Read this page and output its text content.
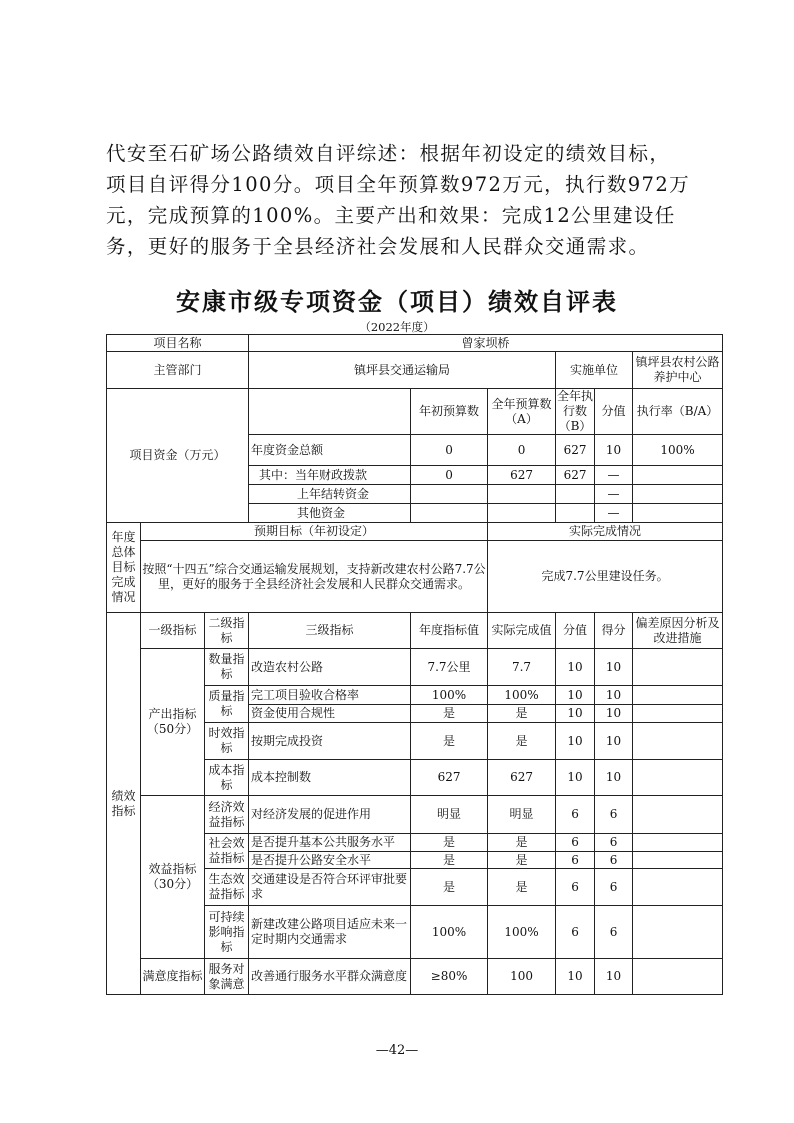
代安至石矿场公路绩效自评综述：根据年初设定的绩效目标，

项目自评得分100分。项目全年预算数972万元，执行数972万

元，完成预算的100%。主要产出和效果：完成12公里建设任

务，更好的服务于全县经济社会发展和人民群众交通需求。

安康市级专项资金（项目）绩效自评表
（2022年度）
项目名称			曾家坝桥						
主管部门			镇坪县交通运输局			实施单位		镇坪县农村公路养护中心	
项目资金（万元）				年初预算数	全年预算数（A）	全年执行数（B）	分值	执行率（B/A）	
			年度资金总额	0	0	627	10	100%	
			其中：当年财政拨款	0	627	627	—		
			上年结转资金				—		
			其他资金				—		
年度总体目标完成情况	预期目标（年初设定）				实际完成情况				
	按照“十四五”综合交通运输发展规划，支持新改建农村公路7.7公里，更好的服务于全县经济社会发展和人民群众交通需求。				完成7.7公里建设任务。				
绩效指标	一级指标	二级指标	三级指标	年度指标值	实际完成值	分值	得分	偏差原因分析及改进措施	
	产出指标（50分）	数量指标	改造农村公路	7.7公里	7.7	10	10		
		质量指标	完工项目验收合格率	100%	100%	10	10		
			资金使用合规性	是	是	10	10		
		时效指标	按期完成投资	是	是	10	10		
		成本指标	成本控制数	627	627	10	10		
	效益指标（30分）	经济效益指标	对经济发展的促进作用	明显	明显	6	6		
		社会效益指标	是否提升基本公共服务水平	是	是	6	6		
			是否提升公路安全水平	是	是	6	6		
		生态效益指标	交通建设是否符合环评审批要求	是	是	6	6		
		可持续影响指标	新建改建公路项目适应未来一定时期内交通需求	100%	100%	6	6		
	满意度指标	服务对象满意	改善通行服务水平群众满意度	≥80%	100	10	10		
—42—
